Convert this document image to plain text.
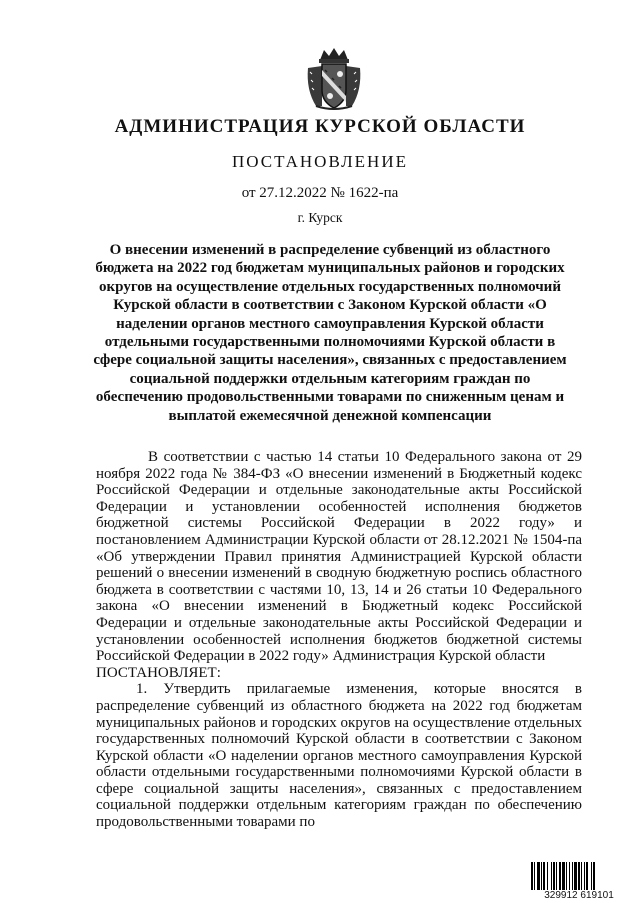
АДМИНИСТРАЦИЯ КУРСКОЙ ОБЛАСТИ
ПОСТАНОВЛЕНИЕ
от 27.12.2022 № 1622-па
г. Курск
О внесении изменений в распределение субвенций из областного бюджета на 2022 год бюджетам муниципальных районов и городских округов на осуществление отдельных государственных полномочий Курской области в соответствии с Законом Курской области «О наделении органов местного самоуправления Курской области отдельными государственными полномочиями Курской области в сфере социальной защиты населения», связанных с предоставлением социальной поддержки отдельным категориям граждан по обеспечению продовольственными товарами по сниженным ценам и выплатой ежемесячной денежной компенсации

В соответствии с частью 14 статьи 10 Федерального закона от 29 ноября 2022 года № 384-ФЗ «О внесении изменений в Бюджетный кодекс Российской Федерации и отдельные законодательные акты Российской Федерации и установлении особенностей исполнения бюджетов бюджетной системы Российской Федерации в 2022 году» и постановлением Администрации Курской области от 28.12.2021 № 1504-па «Об утверждении Правил принятия Администрацией Курской области решений о внесении изменений в сводную бюджетную роспись областного бюджета в соответствии с частями 10, 13, 14 и 26 статьи 10 Федерального закона «О внесении изменений в Бюджетный кодекс Российской Федерации и отдельные законодательные акты Российской Федерации и установлении особенностей исполнения бюджетов бюджетной системы Российской Федерации в 2022 году» Администрация Курской области

ПОСТАНОВЛЯЕТ:

1. Утвердить прилагаемые изменения, которые вносятся в распределение субвенций из областного бюджета на 2022 год бюджетам муниципальных районов и городских округов на осуществление отдельных государственных полномочий Курской области в соответствии с Законом Курской области «О наделении органов местного самоуправления Курской области отдельными государственными полномочиями Курской области в сфере социальной защиты населения», связанных с предоставлением социальной поддержки отдельным категориям граждан по обеспечению продовольственными товарами по

329912 619101
